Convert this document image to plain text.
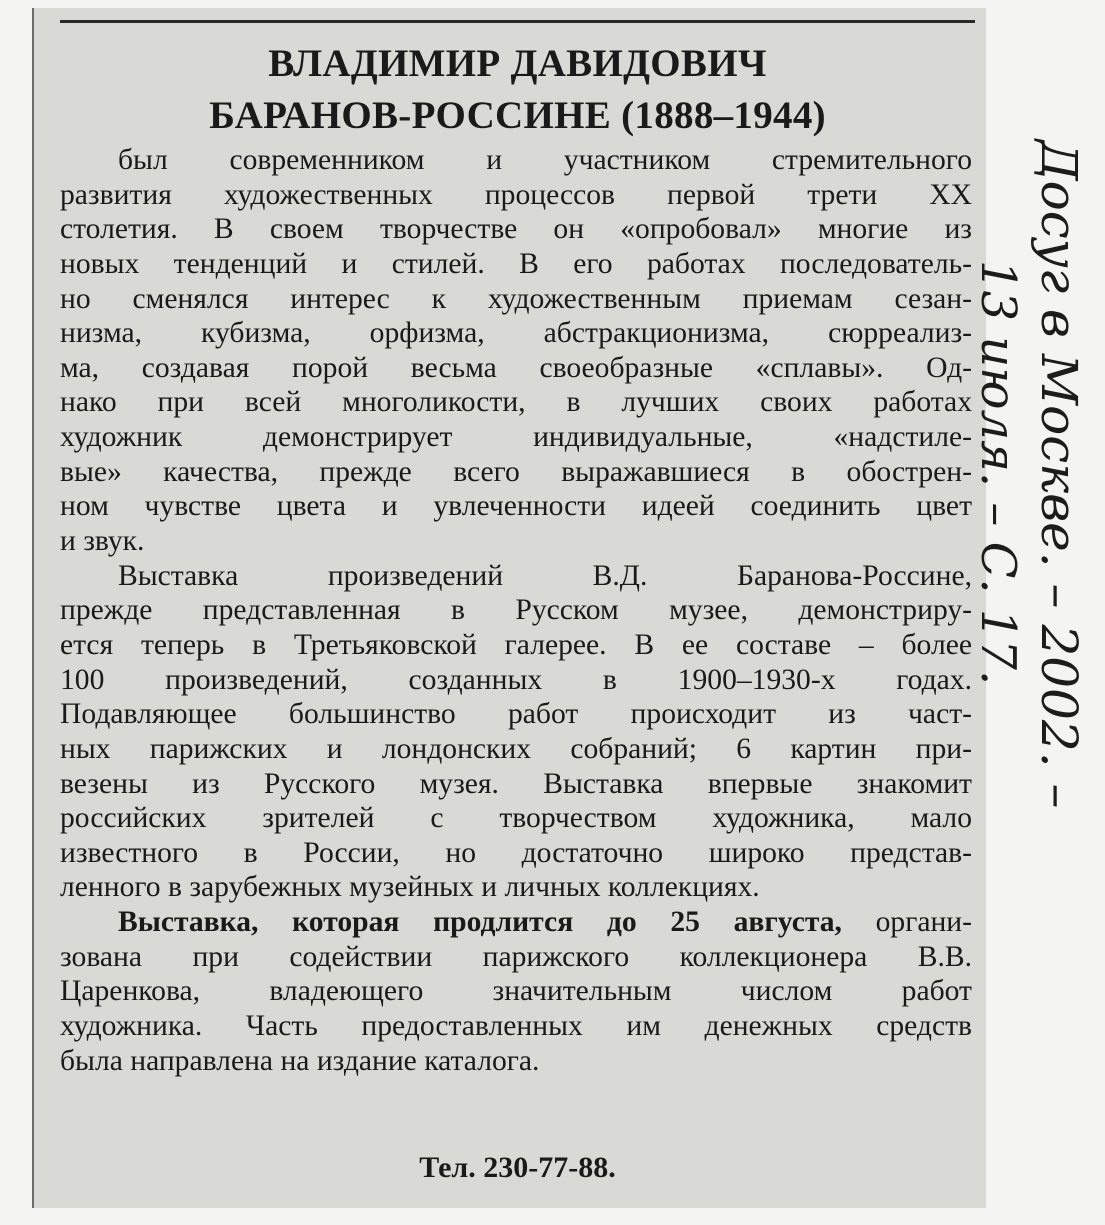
ВЛАДИМИР ДАВИДОВИЧ
БАРАНОВ-РОССИНЕ (1888–1944)
был современником и участником стремительного
развития художественных процессов первой трети XX
столетия. В своем творчестве он «опробовал» многие из
новых тенденций и стилей. В его работах последователь-
но сменялся интерес к художественным приемам сезан-
низма, кубизма, орфизма, абстракционизма, сюрреализ-
ма, создавая порой весьма своеобразные «сплавы». Од-
нако при всей многоликости, в лучших своих работах
художник демонстрирует индивидуальные, «надстиле-
вые» качества, прежде всего выражавшиеся в обострен-
ном чувстве цвета и увлеченности идеей соединить цвет
и звук.
Выставка произведений В.Д. Баранова-Россине,
прежде представленная в Русском музее, демонстриру-
ется теперь в Третьяковской галерее. В ее составе – более
100 произведений, созданных в 1900–1930-х годах.
Подавляющее большинство работ происходит из част-
ных парижских и лондонских собраний; 6 картин при-
везены из Русского музея. Выставка впервые знакомит
российских зрителей с творчеством художника, мало
известного в России, но достаточно широко представ-
ленного в зарубежных музейных и личных коллекциях.
Выставка, которая продлится до 25 августа, органи-
зована при содействии парижского коллекционера В.В.
Царенкова, владеющего значительным числом работ
художника. Часть предоставленных им денежных средств
была направлена на издание каталога.
Тел. 230-77-88.
Досуг в Москве. – 2002. –
13 июля. – С. 17.
